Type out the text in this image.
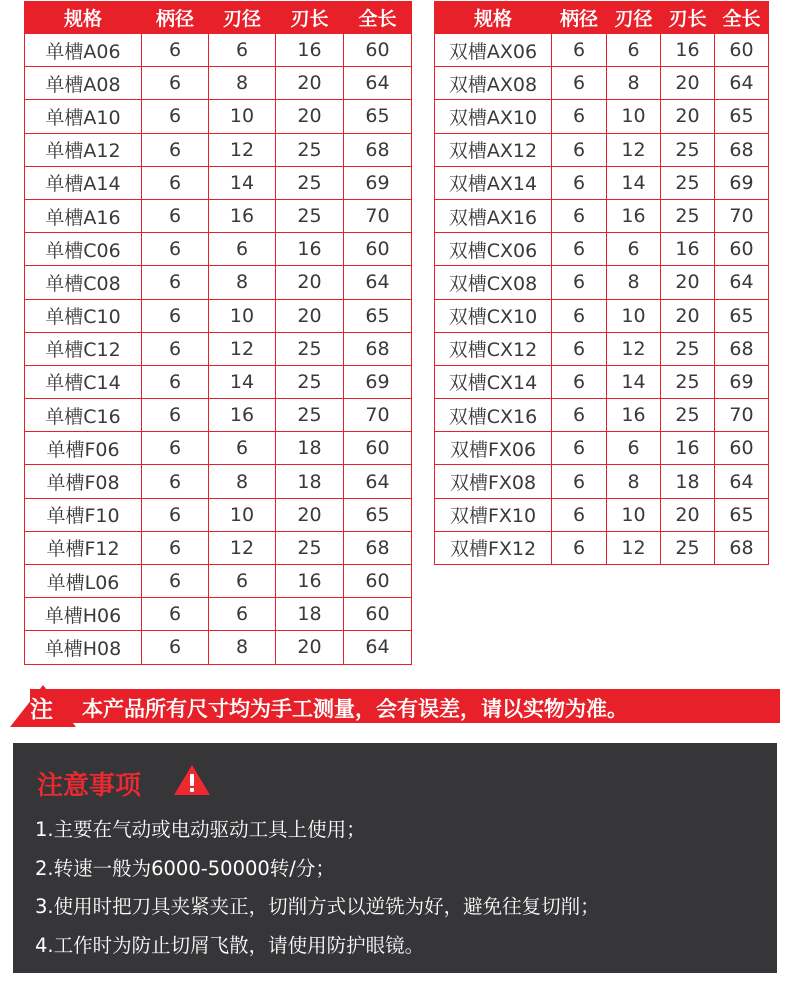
规格	柄径	刃径	刃长	全长
单槽A06	6	6	16	60
单槽A08	6	8	20	64
单槽A10	6	10	20	65
单槽A12	6	12	25	68
单槽A14	6	14	25	69
单槽A16	6	16	25	70
单槽C06	6	6	16	60
单槽C08	6	8	20	64
单槽C10	6	10	20	65
单槽C12	6	12	25	68
单槽C14	6	14	25	69
单槽C16	6	16	25	70
单槽F06	6	6	18	60
单槽F08	6	8	18	64
单槽F10	6	10	20	65
单槽F12	6	12	25	68
单槽L06	6	6	16	60
单槽H06	6	6	18	60
单槽H08	6	8	20	64
规格	柄径	刃径	刃长	全长
双槽AX06	6	6	16	60
双槽AX08	6	8	20	64
双槽AX10	6	10	20	65
双槽AX12	6	12	25	68
双槽AX14	6	14	25	69
双槽AX16	6	16	25	70
双槽CX06	6	6	16	60
双槽CX08	6	8	20	64
双槽CX10	6	10	20	65
双槽CX12	6	12	25	68
双槽CX14	6	14	25	69
双槽CX16	6	16	25	70
双槽FX06	6	6	16	60
双槽FX08	6	8	18	64
双槽FX10	6	10	20	65
双槽FX12	6	12	25	68
注 本产品所有尺寸均为手工测量，会有误差，请以实物为准。
注意事项
1.主要在气动或电动驱动工具上使用；
2.转速一般为6000-50000转/分；
3.使用时把刀具夹紧夹正，切削方式以逆铣为好，避免往复切削；
4.工作时为防止切屑飞散，请使用防护眼镜。
